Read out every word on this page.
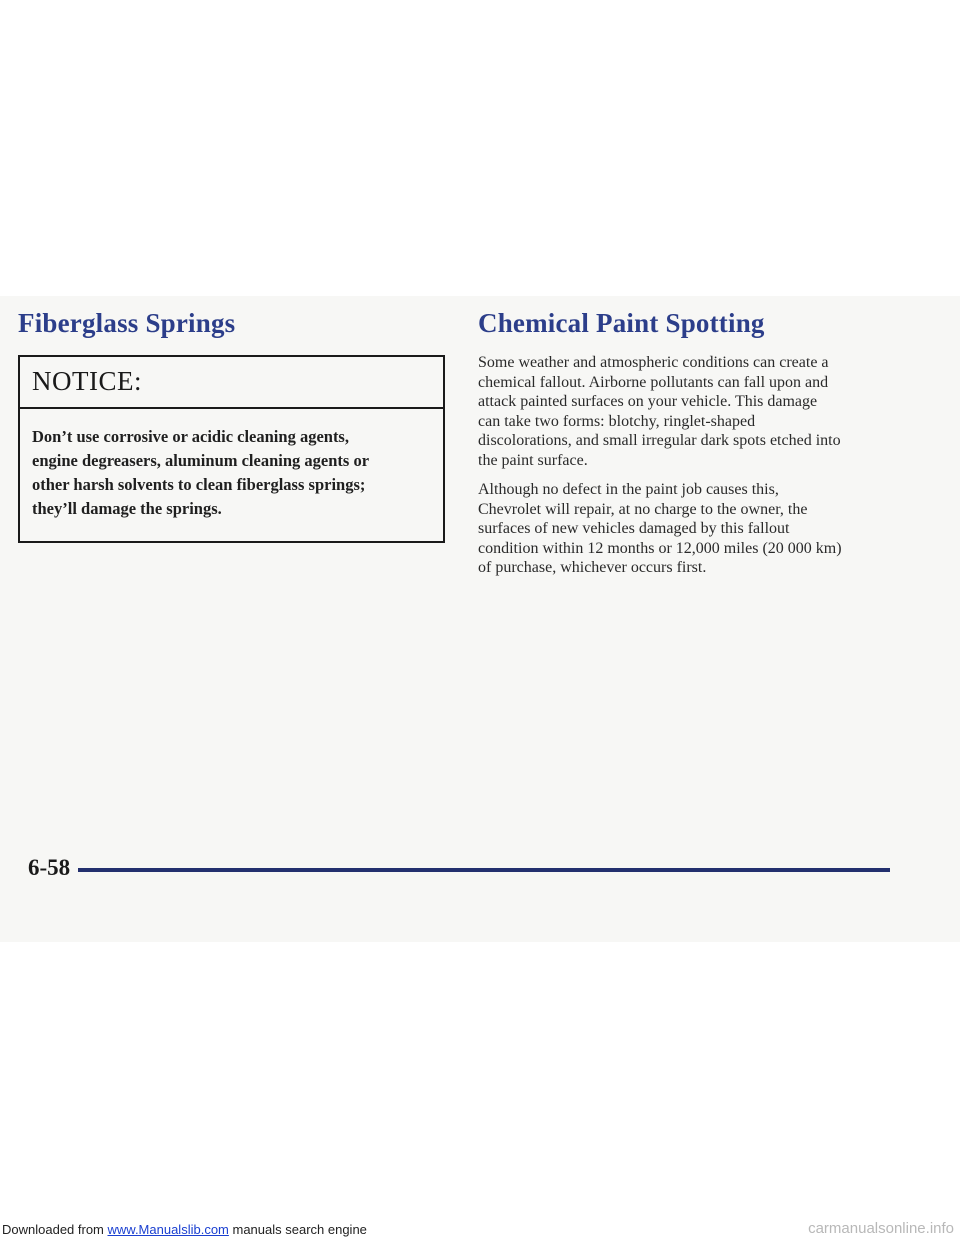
Fiberglass Springs
NOTICE:
Don’t use corrosive or acidic cleaning agents,
engine degreasers, aluminum cleaning agents or
other harsh solvents to clean fiberglass springs;
they’ll damage the springs.
Chemical Paint Spotting
Some weather and atmospheric conditions can create a
chemical fallout. Airborne pollutants can fall upon and
attack painted surfaces on your vehicle. This damage
can take two forms: blotchy, ringlet-shaped
discolorations, and small irregular dark spots etched into
the paint surface.
Although no defect in the paint job causes this,
Chevrolet will repair, at no charge to the owner, the
surfaces of new vehicles damaged by this fallout
condition within 12 months or 12,000 miles (20 000 km)
of purchase, whichever occurs first.
6-58
Downloaded from www.Manualslib.com manuals search engine	carmanualsonline.info
